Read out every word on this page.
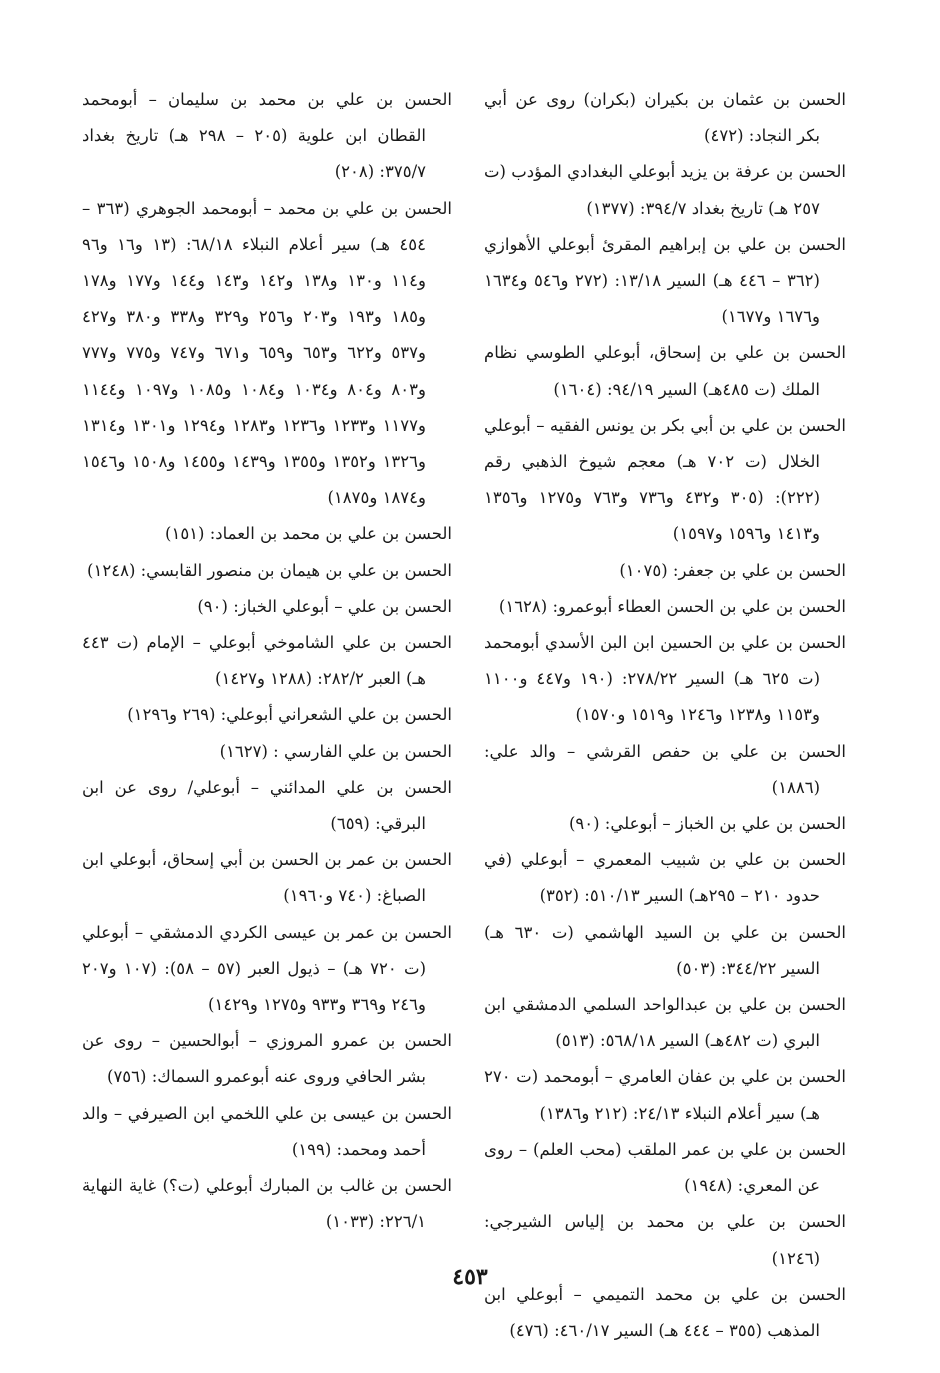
الحسن بن عثمان بن بكيران (بكران) روى عن أبي بكر النجاد: (٤٧٢)

الحسن بن عرفة بن يزيد أبوعلي البغدادي المؤدب (ت ٢٥٧ هـ) تاريخ بغداد ٣٩٤/٧: (١٣٧٧)

الحسن بن علي بن إبراهيم المقرئ أبوعلي الأهوازي (٣٦٢ – ٤٤٦ هـ) السير ١٣/١٨: (٢٧٢ و٥٤٦ و١٦٣٤ و١٦٧٦ و١٦٧٧)

الحسن بن علي بن إسحاق، أبوعلي الطوسي نظام الملك (ت ٤٨٥هـ) السير ٩٤/١٩: (١٦٠٤)

الحسن بن علي بن أبي بكر بن يونس الفقيه – أبوعلي الخلال (ت ٧٠٢ هـ) معجم شيوخ الذهبي رقم (٢٢٢): (٣٠٥ و٤٣٢ و٧٣٦ و٧٦٣ و١٢٧٥ و١٣٥٦ و١٤١٣ و١٥٩٦ و١٥٩٧)

الحسن بن علي بن جعفر: (١٠٧٥)

الحسن بن علي بن الحسن العطاء أبوعمرو: (١٦٢٨)

الحسن بن علي بن الحسين ابن البن الأسدي أبومحمد (ت ٦٢٥ هـ) السير ٢٧٨/٢٢: (١٩٠ و٤٤٧ و١١٠٠ و١١٥٣ و١٢٣٨ و١٢٤٦ و١٥١٩ و١٥٧٠)

الحسن بن علي بن حفص القرشي – والد علي: (١٨٨٦)

الحسن بن علي بن الخباز – أبوعلي: (٩٠)

الحسن بن علي بن شبيب المعمري – أبوعلي (في حدود ٢١٠ – ٢٩٥هـ) السير ٥١٠/١٣: (٣٥٢)

الحسن بن علي بن السيد الهاشمي (ت ٦٣٠ هـ) السير ٣٤٤/٢٢: (٥٠٣)

الحسن بن علي بن عبدالواحد السلمي الدمشقي ابن البري (ت ٤٨٢هـ) السير ٥٦٨/١٨: (٥١٣)

الحسن بن علي بن عفان العامري – أبومحمد (ت ٢٧٠ هـ) سير أعلام النبلاء ٢٤/١٣: (٢١٢ و١٣٨٦)

الحسن بن علي بن عمر الملقب (محب العلم) – روى عن المعري: (١٩٤٨)

الحسن بن علي بن محمد بن إلياس الشيرجي: (١٢٤٦)

الحسن بن علي بن محمد التميمي – أبوعلي ابن المذهب (٣٥٥ – ٤٤٤ هـ) السير ٤٦٠/١٧: (٤٧٦)

الحسن بن علي بن محمد بن سليمان – أبومحمد القطان ابن علوية (٢٠٥ – ٢٩٨ هـ) تاريخ بغداد ٣٧٥/٧: (٢٠٨)

الحسن بن علي بن محمد – أبومحمد الجوهري (٣٦٣ – ٤٥٤ هـ) سير أعلام النبلاء ٦٨/١٨: (١٣ و١٦ و٩٦ و١١٤ و١٣٠ و١٣٨ و١٤٢ و١٤٣ و١٤٤ و١٧٧ و١٧٨ و١٨٥ و١٩٣ و٢٠٣ و٢٥٦ و٣٢٩ و٣٣٨ و٣٨٠ و٤٢٧ و٥٣٧ و٦٢٢ و٦٥٣ و٦٥٩ و٦٧١ و٧٤٧ و٧٧٥ و٧٧٧ و٨٠٣ و٨٠٤ و١٠٣٤ و١٠٨٤ و١٠٨٥ و١٠٩٧ و١١٤٤ و١١٧٧ و١٢٣٣ و١٢٣٦ و١٢٨٣ و١٢٩٤ و١٣٠١ و١٣١٤ و١٣٢٦ و١٣٥٢ و١٣٥٥ و١٤٣٩ و١٤٥٥ و١٥٠٨ و١٥٤٦ و١٨٧٤ و١٨٧٥)

الحسن بن علي بن محمد بن العماد: (١٥١)

الحسن بن علي بن هيمان بن منصور القابسي: (١٢٤٨)

الحسن بن علي – أبوعلي الخباز: (٩٠)

الحسن بن علي الشاموخي أبوعلي – الإمام (ت ٤٤٣ هـ) العبر ٢٨٢/٢: (١٢٨٨ و١٤٢٧)

الحسن بن علي الشعراني أبوعلي: (٢٦٩ و١٢٩٦)

الحسن بن علي الفارسي : (١٦٢٧)

الحسن بن علي المدائني – أبوعلي/ روى عن ابن البرقي: (٦٥٩)

الحسن بن عمر بن الحسن بن أبي إسحاق، أبوعلي ابن الصباغ: (٧٤٠ و١٩٦٠)

الحسن بن عمر بن عيسى الكردي الدمشقي – أبوعلي (ت ٧٢٠ هـ) – ذيول العبر (٥٧ – ٥٨): (١٠٧ و٢٠٧ و٢٤٦ و٣٦٩ و٩٣٣ و١٢٧٥ و١٤٢٩)

الحسن بن عمرو المروزي – أبوالحسين – روى عن بشر الحافي وروى عنه أبوعمرو السماك: (٧٥٦)

الحسن بن عيسى بن علي اللخمي ابن الصيرفي – والد أحمد ومحمد: (١٩٩)

الحسن بن غالب بن المبارك أبوعلي (ت؟) غاية النهاية ٢٢٦/١: (١٠٣٣)

٤٥٣
